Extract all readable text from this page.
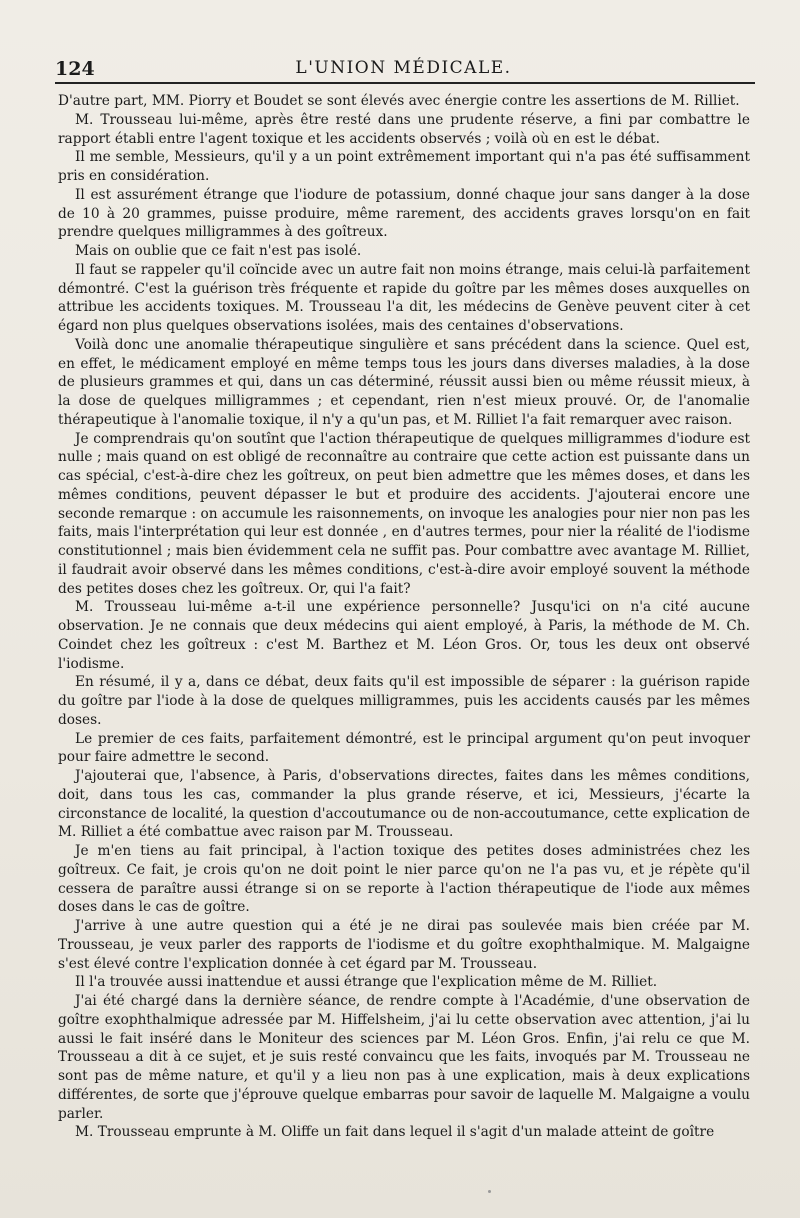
124	L'UNION MÉDICALE.

D'autre part, MM. Piorry et Boudet se sont élevés avec énergie contre les assertions de M. Rilliet.

M. Trousseau lui-même, après être resté dans une prudente réserve, a fini par combattre le rapport établi entre l'agent toxique et les accidents observés ; voilà où en est le débat.

Il me semble, Messieurs, qu'il y a un point extrêmement important qui n'a pas été suffisamment pris en considération.

Il est assurément étrange que l'iodure de potassium, donné chaque jour sans danger à la dose de 10 à 20 grammes, puisse produire, même rarement, des accidents graves lorsqu'on en fait prendre quelques milligrammes à des goîtreux.

Mais on oublie que ce fait n'est pas isolé.

Il faut se rappeler qu'il coïncide avec un autre fait non moins étrange, mais celui-là parfaitement démontré. C'est la guérison très fréquente et rapide du goître par les mêmes doses auxquelles on attribue les accidents toxiques. M. Trousseau l'a dit, les médecins de Genève peuvent citer à cet égard non plus quelques observations isolées, mais des centaines d'observations.

Voilà donc une anomalie thérapeutique singulière et sans précédent dans la science. Quel est, en effet, le médicament employé en même temps tous les jours dans diverses maladies, à la dose de plusieurs grammes et qui, dans un cas déterminé, réussit aussi bien ou même réussit mieux, à la dose de quelques milligrammes ; et cependant, rien n'est mieux prouvé. Or, de l'anomalie thérapeutique à l'anomalie toxique, il n'y a qu'un pas, et M. Rilliet l'a fait remarquer avec raison.

Je comprendrais qu'on soutînt que l'action thérapeutique de quelques milligrammes d'iodure est nulle ; mais quand on est obligé de reconnaître au contraire que cette action est puissante dans un cas spécial, c'est-à-dire chez les goîtreux, on peut bien admettre que les mêmes doses, et dans les mêmes conditions, peuvent dépasser le but et produire des accidents. J'ajouterai encore une seconde remarque : on accumule les raisonnements, on invoque les analogies pour nier non pas les faits, mais l'interprétation qui leur est donnée , en d'autres termes, pour nier la réalité de l'iodisme constitutionnel ; mais bien évidemment cela ne suffit pas. Pour combattre avec avantage M. Rilliet, il faudrait avoir observé dans les mêmes conditions, c'est-à-dire avoir employé souvent la méthode des petites doses chez les goîtreux. Or, qui l'a fait?

M. Trousseau lui-même a-t-il une expérience personnelle? Jusqu'ici on n'a cité aucune observation. Je ne connais que deux médecins qui aient employé, à Paris, la méthode de M. Ch. Coindet chez les goîtreux : c'est M. Barthez et M. Léon Gros. Or, tous les deux ont observé l'iodisme.

En résumé, il y a, dans ce débat, deux faits qu'il est impossible de séparer : la guérison rapide du goître par l'iode à la dose de quelques milligrammes, puis les accidents causés par les mêmes doses.

Le premier de ces faits, parfaitement démontré, est le principal argument qu'on peut invoquer pour faire admettre le second.

J'ajouterai que, l'absence, à Paris, d'observations directes, faites dans les mêmes conditions, doit, dans tous les cas, commander la plus grande réserve, et ici, Messieurs, j'écarte la circonstance de localité, la question d'accoutumance ou de non-accoutumance, cette explication de M. Rilliet a été combattue avec raison par M. Trousseau.

Je m'en tiens au fait principal, à l'action toxique des petites doses administrées chez les goîtreux. Ce fait, je crois qu'on ne doit point le nier parce qu'on ne l'a pas vu, et je répète qu'il cessera de paraître aussi étrange si on se reporte à l'action thérapeutique de l'iode aux mêmes doses dans le cas de goître.

J'arrive à une autre question qui a été je ne dirai pas soulevée mais bien créée par M. Trousseau, je veux parler des rapports de l'iodisme et du goître exophthalmique. M. Malgaigne s'est élevé contre l'explication donnée à cet égard par M. Trousseau.

Il l'a trouvée aussi inattendue et aussi étrange que l'explication même de M. Rilliet.

J'ai été chargé dans la dernière séance, de rendre compte à l'Académie, d'une observation de goître exophthalmique adressée par M. Hiffelsheim, j'ai lu cette observation avec attention, j'ai lu aussi le fait inséré dans le Moniteur des sciences par M. Léon Gros. Enfin, j'ai relu ce que M. Trousseau a dit à ce sujet, et je suis resté convaincu que les faits, invoqués par M. Trousseau ne sont pas de même nature, et qu'il y a lieu non pas à une explication, mais à deux explications différentes, de sorte que j'éprouve quelque embarras pour savoir de laquelle M. Malgaigne a voulu parler.

M. Trousseau emprunte à M. Oliffe un fait dans lequel il s'agit d'un malade atteint de goître
